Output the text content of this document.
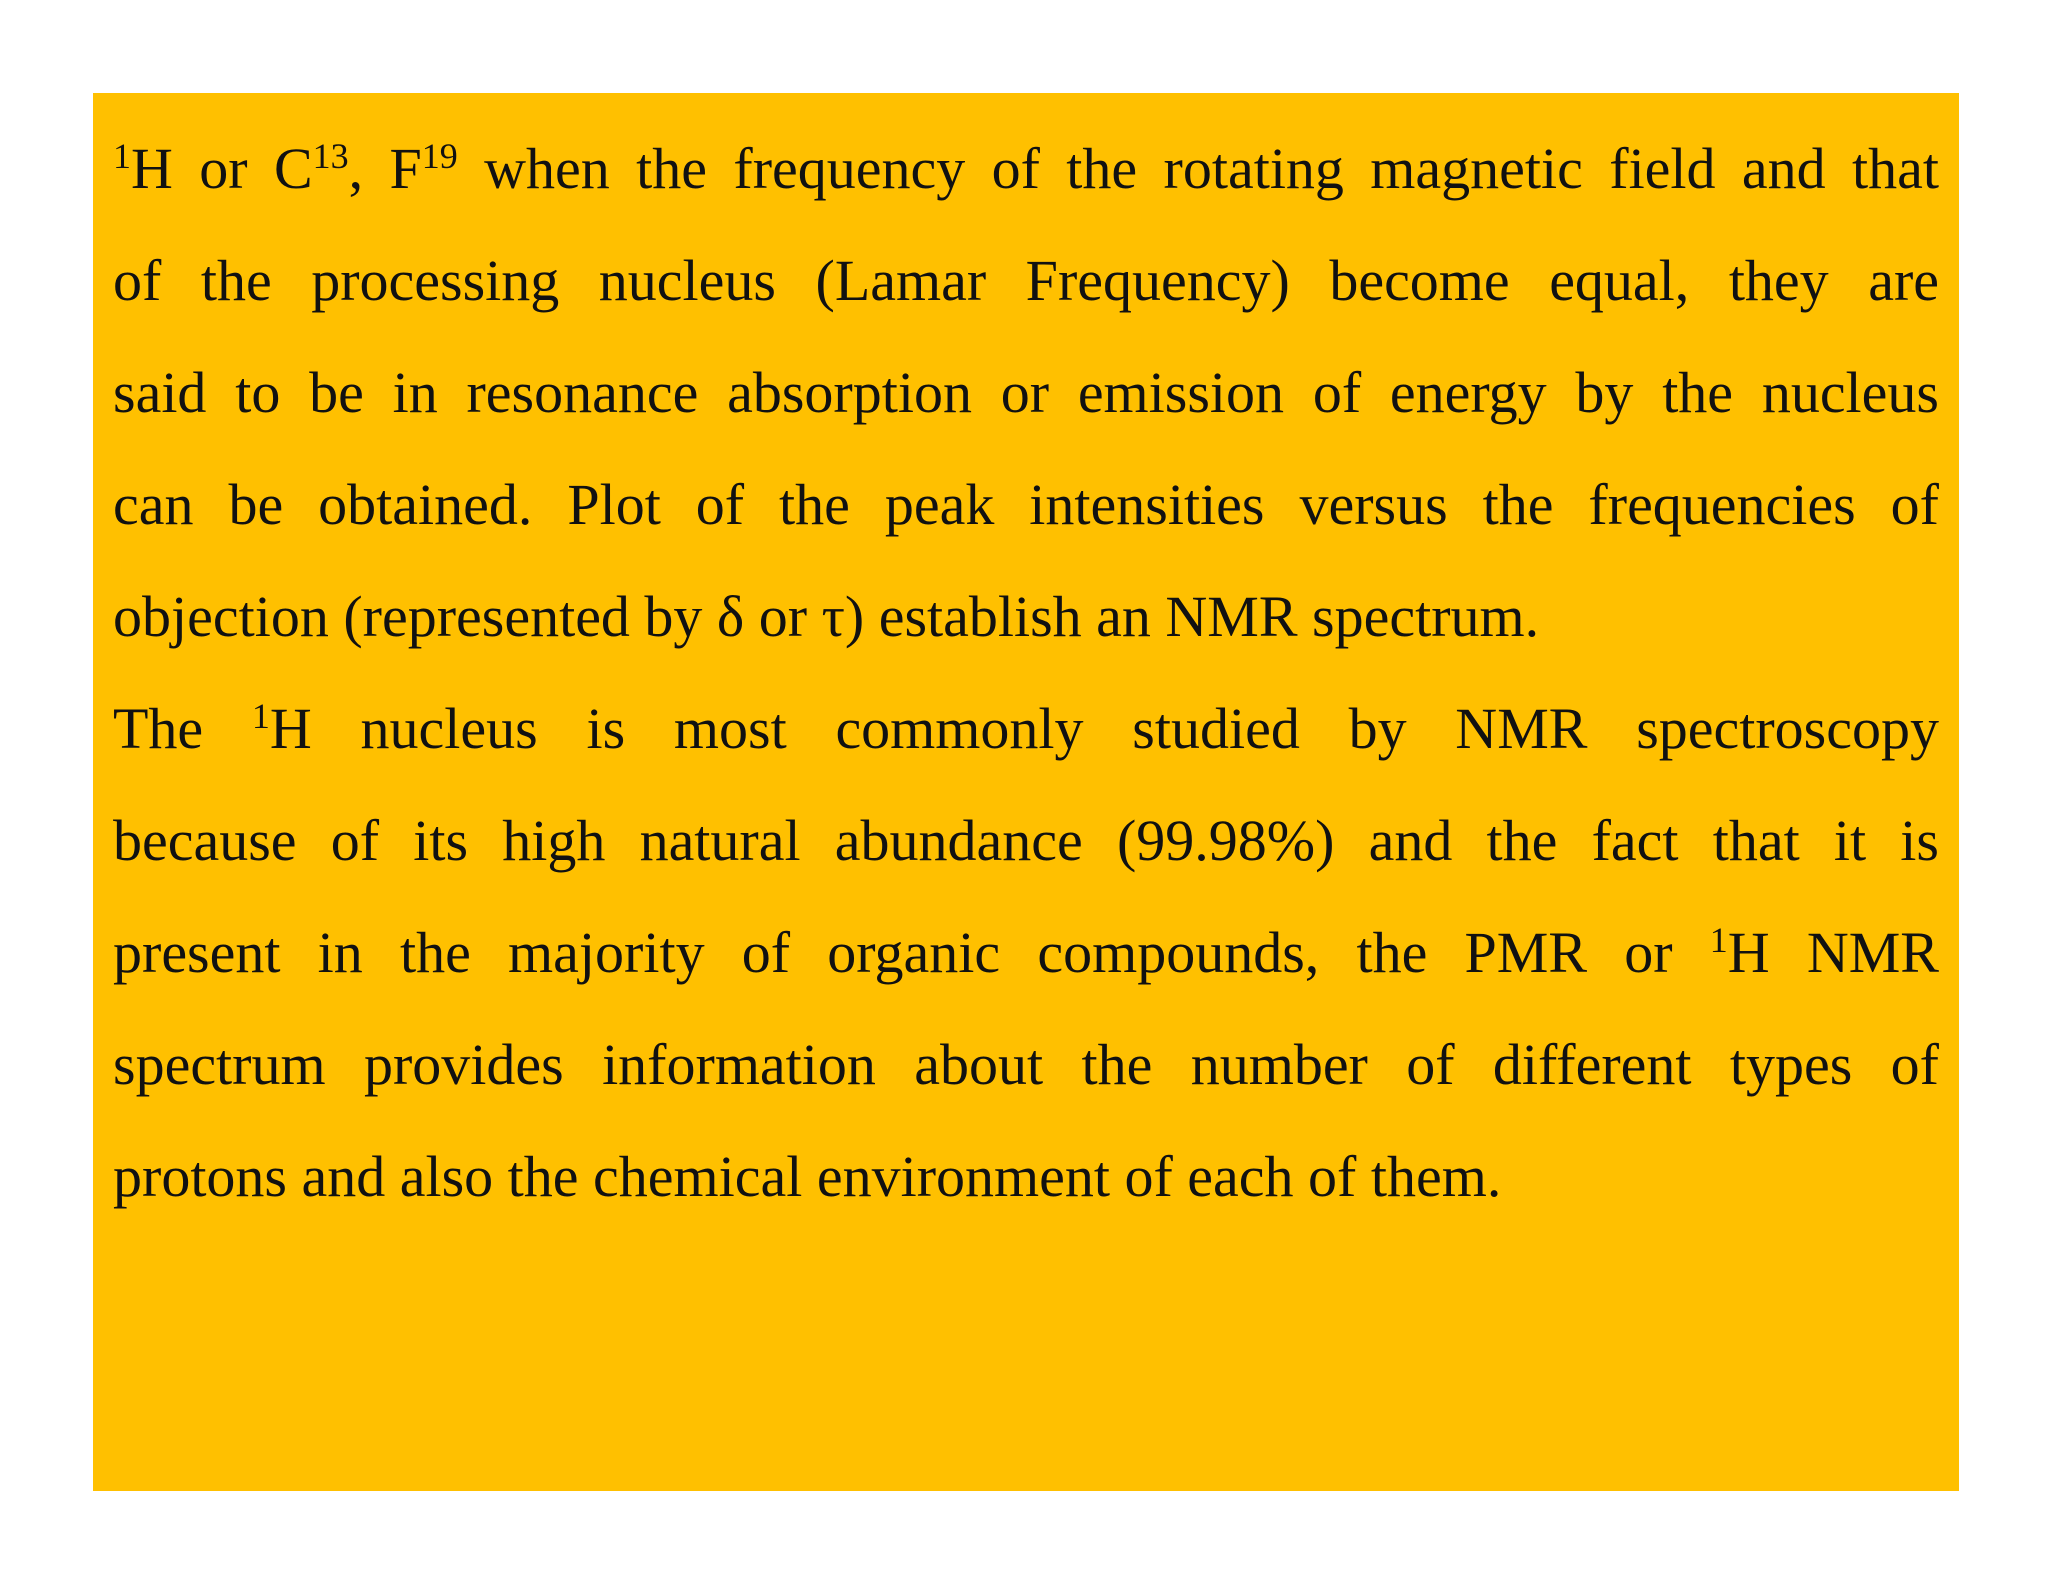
$^1$H or $C^{13}$, $F^{19}$ when the frequency of the rotating magnetic field and that
of the processing nucleus (Lamar Frequency) become equal, they are
said to be in resonance absorption or emission of energy by the nucleus
can be obtained. Plot of the peak intensities versus the frequencies of
objection (represented by δ or τ) establish an NMR spectrum.
The $^1$H nucleus is most commonly studied by NMR spectroscopy
because of its high natural abundance (99.98%) and the fact that it is
present in the majority of organic compounds, the PMR or $^1$H NMR
spectrum provides information about the number of different types of
protons and also the chemical environment of each of them.
